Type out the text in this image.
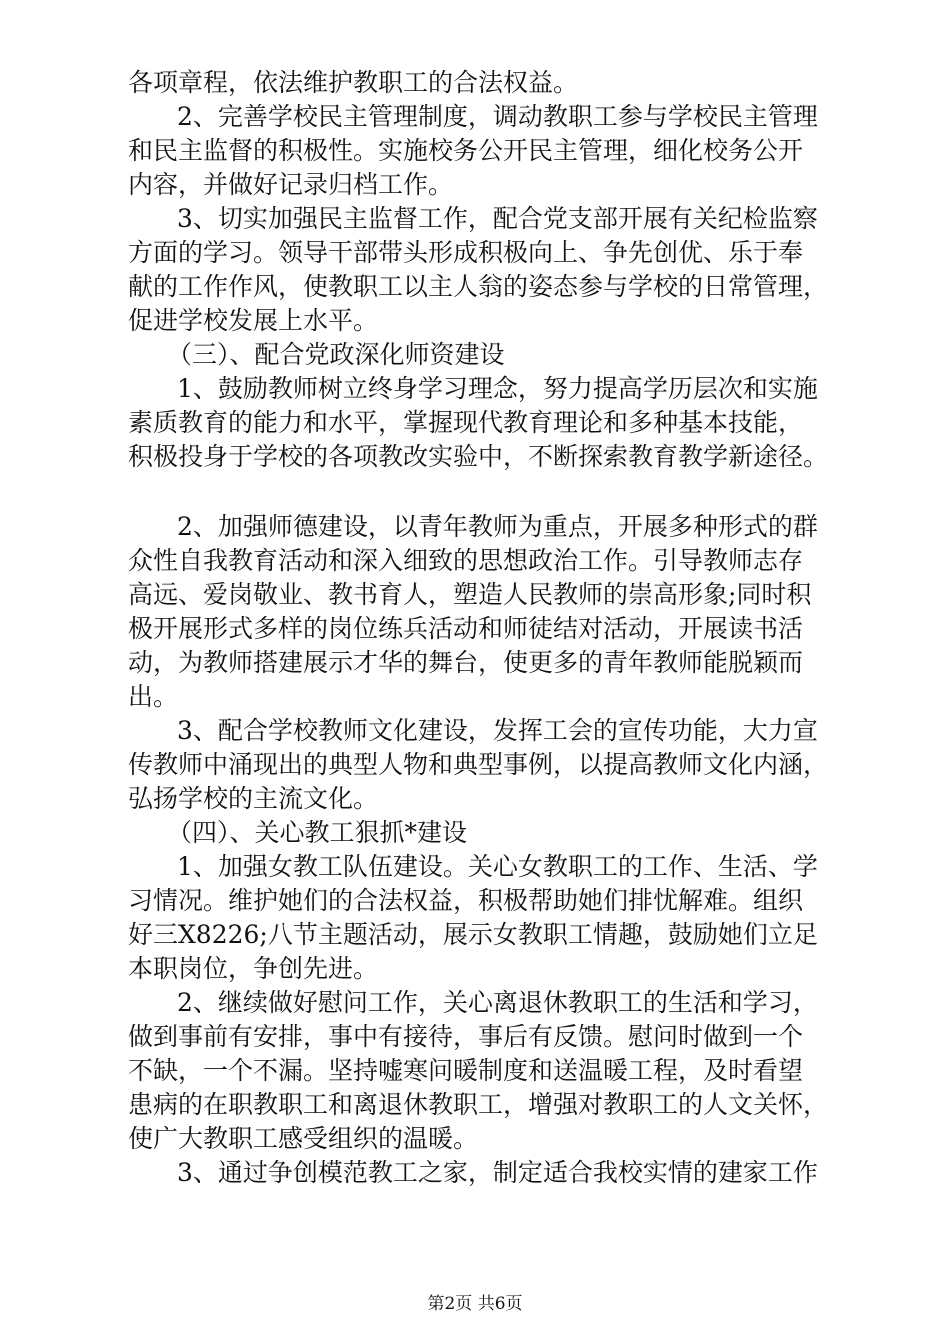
各项章程，依法维护教职工的合法权益。
2、完善学校民主管理制度，调动教职工参与学校民主管理
和民主监督的积极性。实施校务公开民主管理，细化校务公开
内容，并做好记录归档工作。
3、切实加强民主监督工作，配合党支部开展有关纪检监察
方面的学习。领导干部带头形成积极向上、争先创优、乐于奉
献的工作作风，使教职工以主人翁的姿态参与学校的日常管理，
促进学校发展上水平。
（三）、配合党政深化师资建设
1、鼓励教师树立终身学习理念，努力提高学历层次和实施
素质教育的能力和水平，掌握现代教育理论和多种基本技能，
积极投身于学校的各项教改实验中，不断探索教育教学新途径。
2、加强师德建设，以青年教师为重点，开展多种形式的群
众性自我教育活动和深入细致的思想政治工作。引导教师志存
高远、爱岗敬业、教书育人，塑造人民教师的崇高形象;同时积
极开展形式多样的岗位练兵活动和师徒结对活动，开展读书活
动，为教师搭建展示才华的舞台，使更多的青年教师能脱颖而
出。
3、配合学校教师文化建设，发挥工会的宣传功能，大力宣
传教师中涌现出的典型人物和典型事例，以提高教师文化内涵，
弘扬学校的主流文化。
（四）、关心教工狠抓*建设
1、加强女教工队伍建设。关心女教职工的工作、生活、学
习情况。维护她们的合法权益，积极帮助她们排忧解难。组织
好三X8226;八节主题活动，展示女教职工情趣，鼓励她们立足
本职岗位，争创先进。
2、继续做好慰问工作，关心离退休教职工的生活和学习，
做到事前有安排，事中有接待，事后有反馈。慰问时做到一个
不缺，一个不漏。坚持嘘寒问暖制度和送温暖工程，及时看望
患病的在职教职工和离退休教职工，增强对教职工的人文关怀，
使广大教职工感受组织的温暖。
3、通过争创模范教工之家，制定适合我校实情的建家工作
第2页 共6页
